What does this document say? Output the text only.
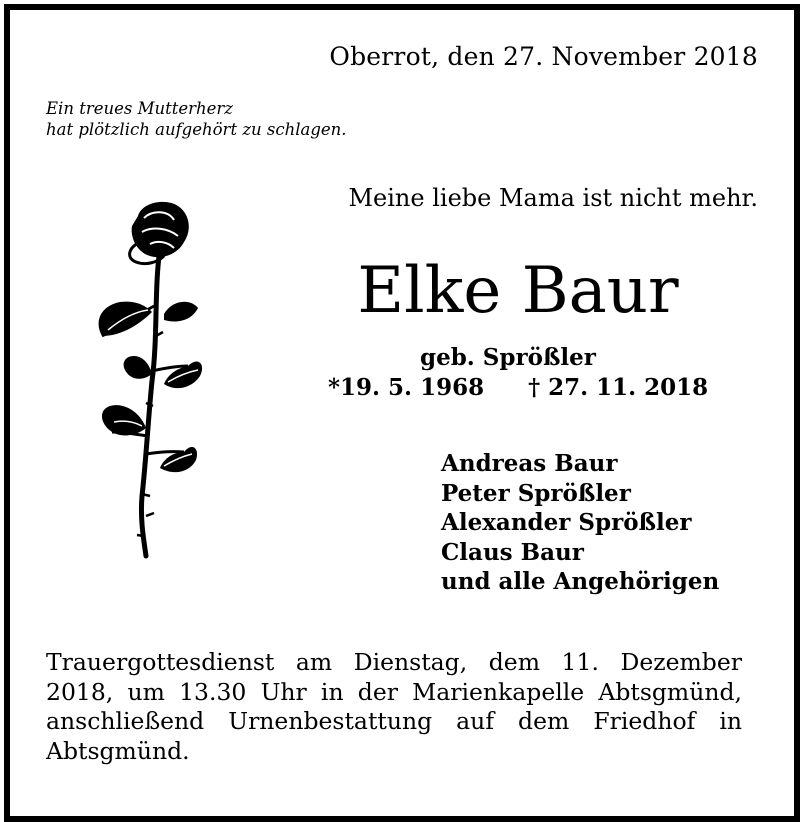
Oberrot, den 27. November 2018
Ein treues Mutterherz
hat plötzlich aufgehört zu schlagen.
Meine liebe Mama ist nicht mehr.
Elke Baur
geb. Sprößler
*19. 5. 1968 † 27. 11. 2018
Andreas Baur
Peter Sprößler
Alexander Sprößler
Claus Baur
und alle Angehörigen
Trauergottesdienst am Dienstag, dem 11. Dezember 2018, um 13.30 Uhr in der Marienkapelle Abtsgmünd, anschließend Urnenbestattung auf dem Friedhof in Abtsgmünd.
